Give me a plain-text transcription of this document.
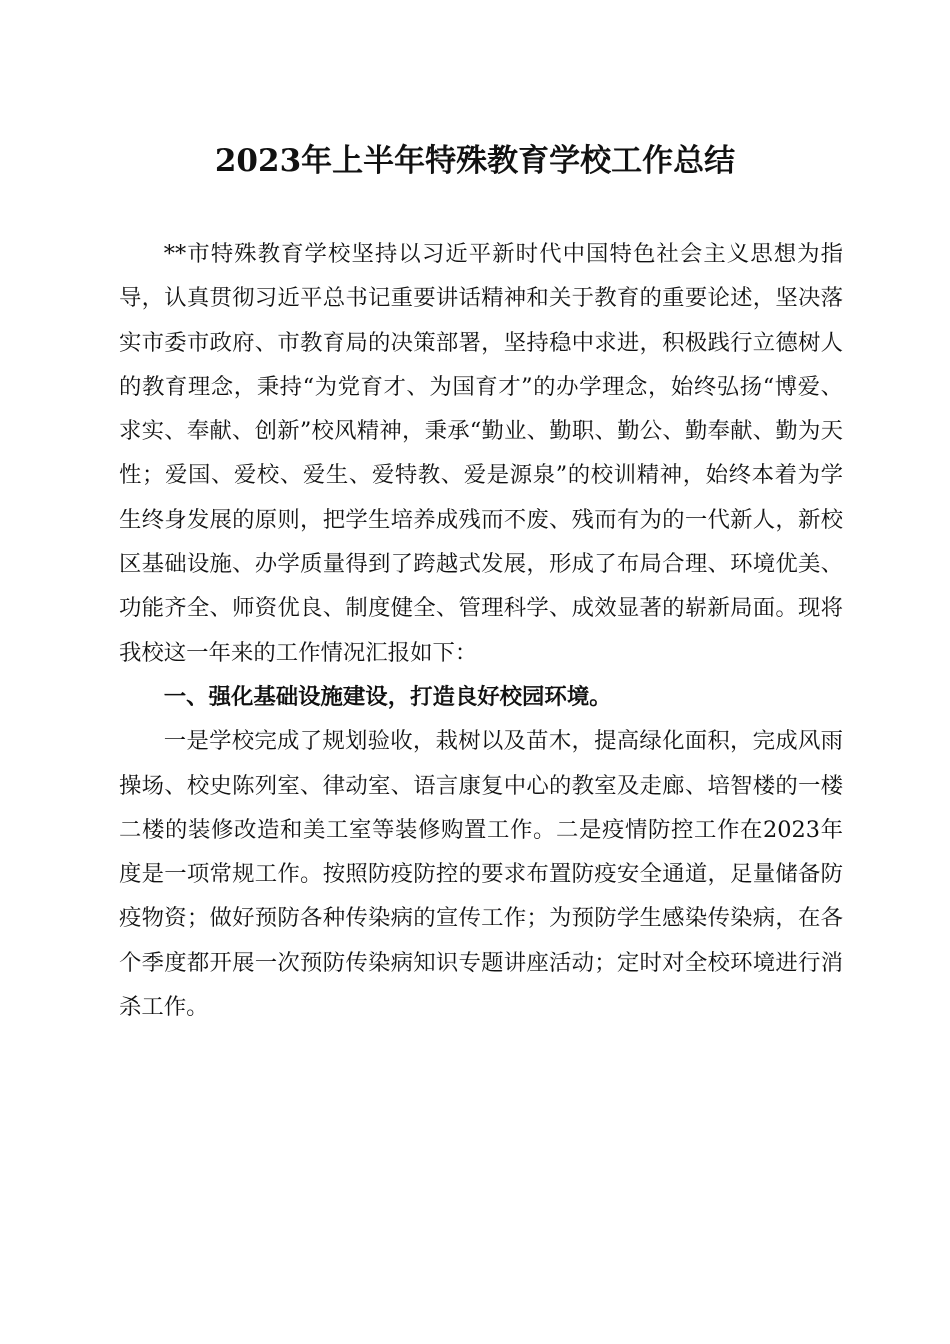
2023年上半年特殊教育学校工作总结

**市特殊教育学校坚持以习近平新时代中国特色社会主义思想为指导，认真贯彻习近平总书记重要讲话精神和关于教育的重要论述，坚决落实市委市政府、市教育局的决策部署，坚持稳中求进，积极践行立德树人的教育理念，秉持“为党育才、为国育才”的办学理念，始终弘扬“博爱、求实、奉献、创新”校风精神，秉承“勤业、勤职、勤公、勤奉献、勤为天性；爱国、爱校、爱生、爱特教、爱是源泉”的校训精神，始终本着为学生终身发展的原则，把学生培养成残而不废、残而有为的一代新人，新校区基础设施、办学质量得到了跨越式发展，形成了布局合理、环境优美、功能齐全、师资优良、制度健全、管理科学、成效显著的崭新局面。现将我校这一年来的工作情况汇报如下：

一、强化基础设施建设，打造良好校园环境。

一是学校完成了规划验收，栽树以及苗木，提高绿化面积，完成风雨操场、校史陈列室、律动室、语言康复中心的教室及走廊、培智楼的一楼二楼的装修改造和美工室等装修购置工作。二是疫情防控工作在2023年度是一项常规工作。按照防疫防控的要求布置防疫安全通道，足量储备防疫物资；做好预防各种传染病的宣传工作；为预防学生感染传染病，在各个季度都开展一次预防传染病知识专题讲座活动；定时对全校环境进行消杀工作。
